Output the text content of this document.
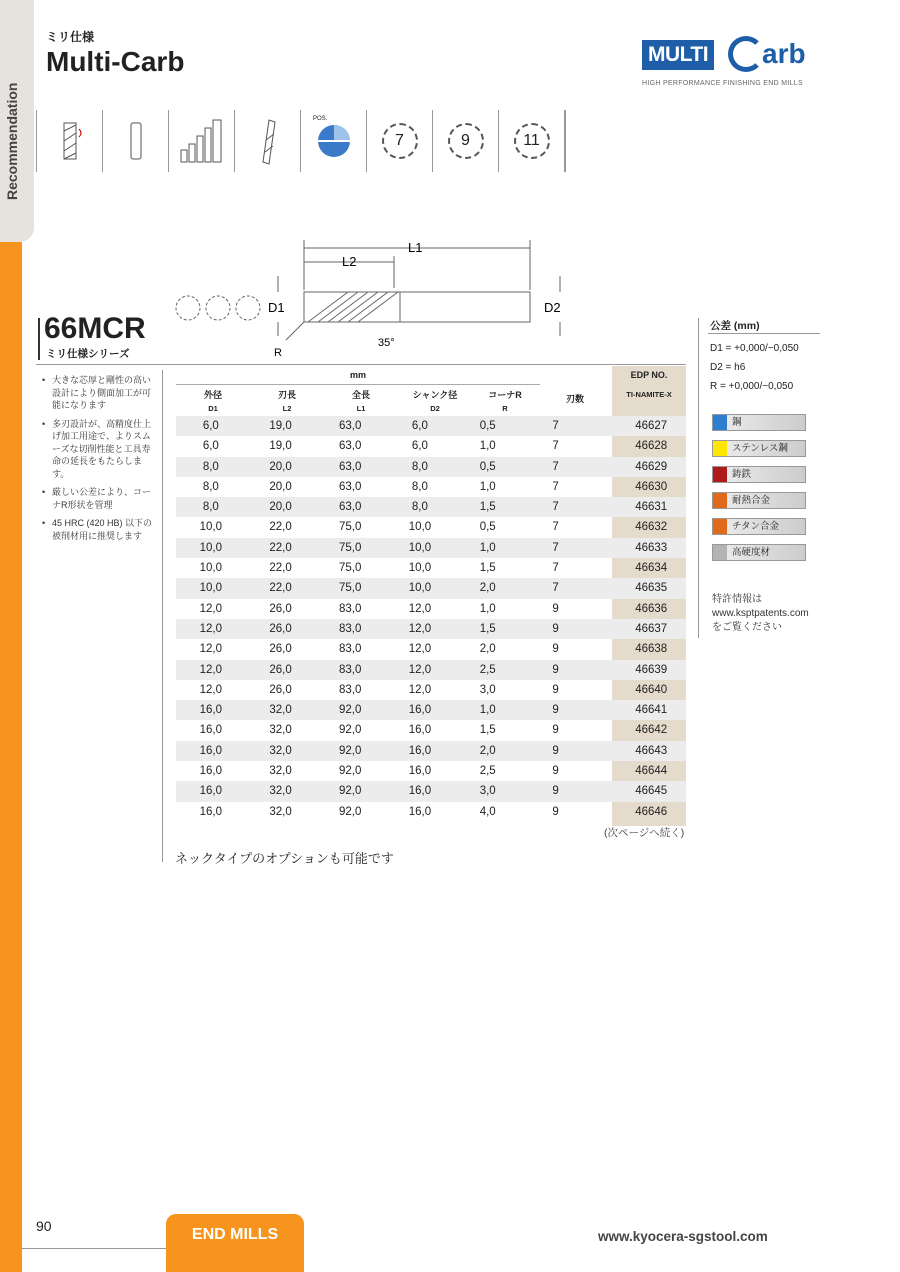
Recommendation
ミリ仕様
Multi-Carb	MULTI arb
HIGH PERFORMANCE FINISHING END MILLS
POS.
7	9	11
L1
L2
D1	D2
R
35°
66MCR
ミリ仕様シリーズ
• 大きな芯厚と剛性の高い設計により側面加工が可能になります
• 多刃設計が、高精度仕上げ加工用途で、よりスムーズな切削性能と工具寿命の延長をもたらします。
• 厳しい公差により、コーナR形状を管理
• 45 HRC (420 HB) 以下の被削材用に推奨します
mm	EDP NO.
TI-NAMITE-X
外径
D1
刃長
L2
全長
L1
シャンク径
D2
コーナR
R
刃数
6,0	19,0	63,0	6,0	0,5	7	46627
6,0	19,0	63,0	6,0	1,0	7	46628
8,0	20,0	63,0	8,0	0,5	7	46629
8,0	20,0	63,0	8,0	1,0	7	46630
8,0	20,0	63,0	8,0	1,5	7	46631
10,0	22,0	75,0	10,0	0,5	7	46632
10,0	22,0	75,0	10,0	1,0	7	46633
10,0	22,0	75,0	10,0	1,5	7	46634
10,0	22,0	75,0	10,0	2,0	7	46635
12,0	26,0	83,0	12,0	1,0	9	46636
12,0	26,0	83,0	12,0	1,5	9	46637
12,0	26,0	83,0	12,0	2,0	9	46638
12,0	26,0	83,0	12,0	2,5	9	46639
12,0	26,0	83,0	12,0	3,0	9	46640
16,0	32,0	92,0	16,0	1,0	9	46641
16,0	32,0	92,0	16,0	1,5	9	46642
16,0	32,0	92,0	16,0	2,0	9	46643
16,0	32,0	92,0	16,0	2,5	9	46644
16,0	32,0	92,0	16,0	3,0	9	46645
16,0	32,0	92,0	16,0	4,0	9	46646
(次ページへ続く)
ネックタイプのオプションも可能です
公差 (mm)
D1 = +0,000/−0,050
D2 = h6
R = +0,000/−0,050
鋼
ステンレス鋼
鋳鉄
耐熱合金
チタン合金
高硬度材
特許情報は
www.ksptpatents.com
をご覧ください
90	END MILLS	www.kyocera-sgstool.com
